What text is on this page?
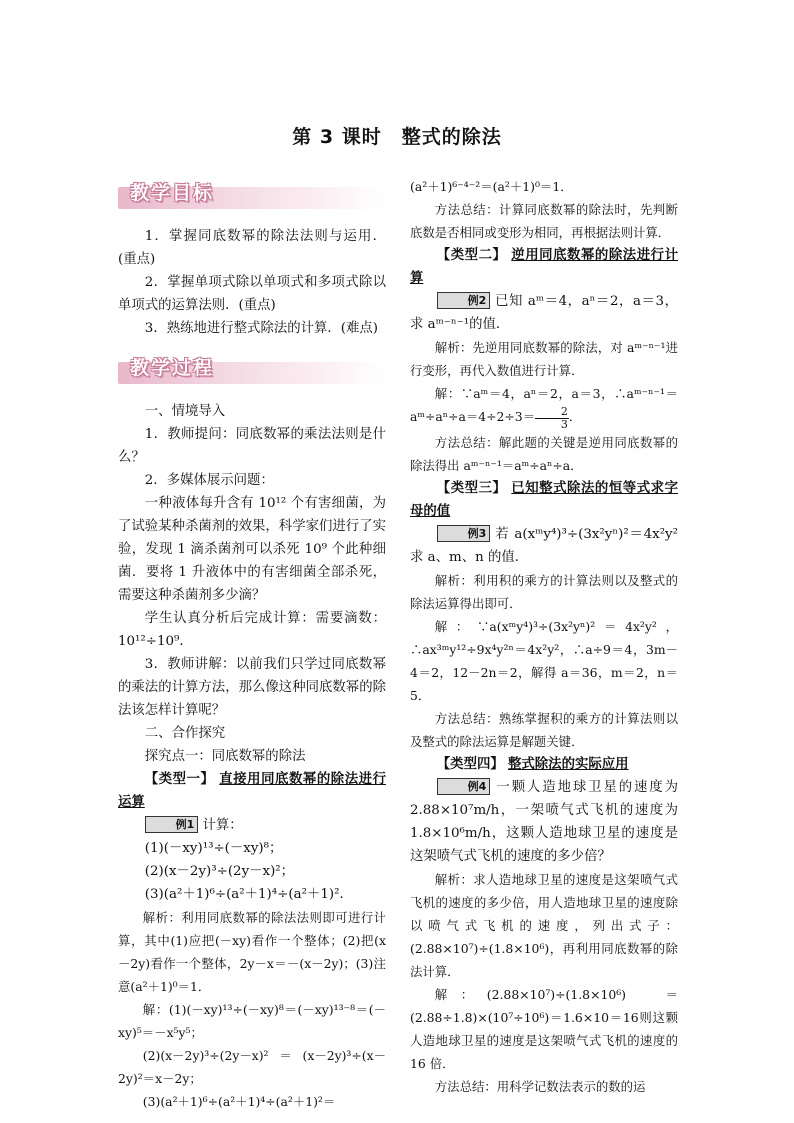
第 3 课时　整式的除法
教学目标

1．掌握同底数幂的除法法则与运用．(重点)

2．掌握单项式除以单项式和多项式除以单项式的运算法则．(重点)

3．熟练地进行整式除法的计算．(难点)

教学过程

一、情境导入

1．教师提问：同底数幂的乘法法则是什么？

2．多媒体展示问题：

一种液体每升含有 10¹² 个有害细菌，为了试验某种杀菌剂的效果，科学家们进行了实验，发现 1 滴杀菌剂可以杀死 10⁹ 个此种细菌．要将 1 升液体中的有害细菌全部杀死，需要这种杀菌剂多少滴？

学生认真分析后完成计算：需要滴数：10¹²÷10⁹．

3．教师讲解：以前我们只学过同底数幂的乘法的计算方法，那么像这种同底数幂的除法该怎样计算呢？

二、合作探究

探究点一：同底数幂的除法

【类型一】 直接用同底数幂的除法进行运算

例1 计算：

(1)(－xy)¹³÷(－xy)⁸；

(2)(x－2y)³÷(2y－x)²；

(3)(a²＋1)⁶÷(a²＋1)⁴÷(a²＋1)²．

解析：利用同底数幂的除法法则即可进行计算，其中(1)应把(－xy)看作一个整体；(2)把(x－2y)看作一个整体，2y－x＝－(x－2y)；(3)注意(a²＋1)⁰＝1．

解：(1)(－xy)¹³÷(－xy)⁸＝(－xy)¹³⁻⁸＝(－xy)⁵＝－x⁵y⁵；

(2)(x－2y)³÷(2y－x)²＝(x－2y)³÷(x－2y)²＝x－2y；

(3)(a²＋1)⁶÷(a²＋1)⁴÷(a²＋1)²＝

(a²＋1)⁶⁻⁴⁻²＝(a²＋1)⁰＝1．

方法总结：计算同底数幂的除法时，先判断底数是否相同或变形为相同，再根据法则计算．

【类型二】 逆用同底数幂的除法进行计算

例2 已知 aᵐ＝4，aⁿ＝2，a＝3，求 aᵐ⁻ⁿ⁻¹的值．

解析：先逆用同底数幂的除法，对 aᵐ⁻ⁿ⁻¹进行变形，再代入数值进行计算．

解：∵aᵐ＝4，aⁿ＝2，a＝3，∴aᵐ⁻ⁿ⁻¹＝aᵐ÷aⁿ÷a＝4÷2÷3＝ $\frac{2}{3}$ ．

方法总结：解此题的关键是逆用同底数幂的除法得出 aᵐ⁻ⁿ⁻¹＝aᵐ÷aⁿ÷a．

【类型三】 已知整式除法的恒等式求字母的值

例3 若 a(xᵐy⁴)³÷(3x²yⁿ)²＝4x²y²求 a、m、n 的值．

解析：利用积的乘方的计算法则以及整式的除法运算得出即可．

解：∵a(xᵐy⁴)³÷(3x²yⁿ)²＝4x²y²，∴ax³ᵐy¹²÷9x⁴y²ⁿ＝4x²y²，∴a÷9＝4，3m－4＝2，12－2n＝2，解得 a＝36，m＝2，n＝5．

方法总结：熟练掌握积的乘方的计算法则以及整式的除法运算是解题关键．

【类型四】 整式除法的实际应用

例4 一颗人造地球卫星的速度为 2.88×10⁷m/h，一架喷气式飞机的速度为 1.8×10⁶m/h，这颗人造地球卫星的速度是这架喷气式飞机的速度的多少倍？

解析：求人造地球卫星的速度是这架喷气式飞机的速度的多少倍，用人造地球卫星的速度除以喷气式飞机的速度，列出式子：(2.88×10⁷)÷(1.8×10⁶)，再利用同底数幂的除法计算．

解：(2.88×10⁷)÷(1.8×10⁶)　＝(2.88÷1.8)×(10⁷÷10⁶)＝1.6×10＝16则这颗人造地球卫星的速度是这架喷气式飞机的速度的 16 倍．

方法总结：用科学记数法表示的数的运
